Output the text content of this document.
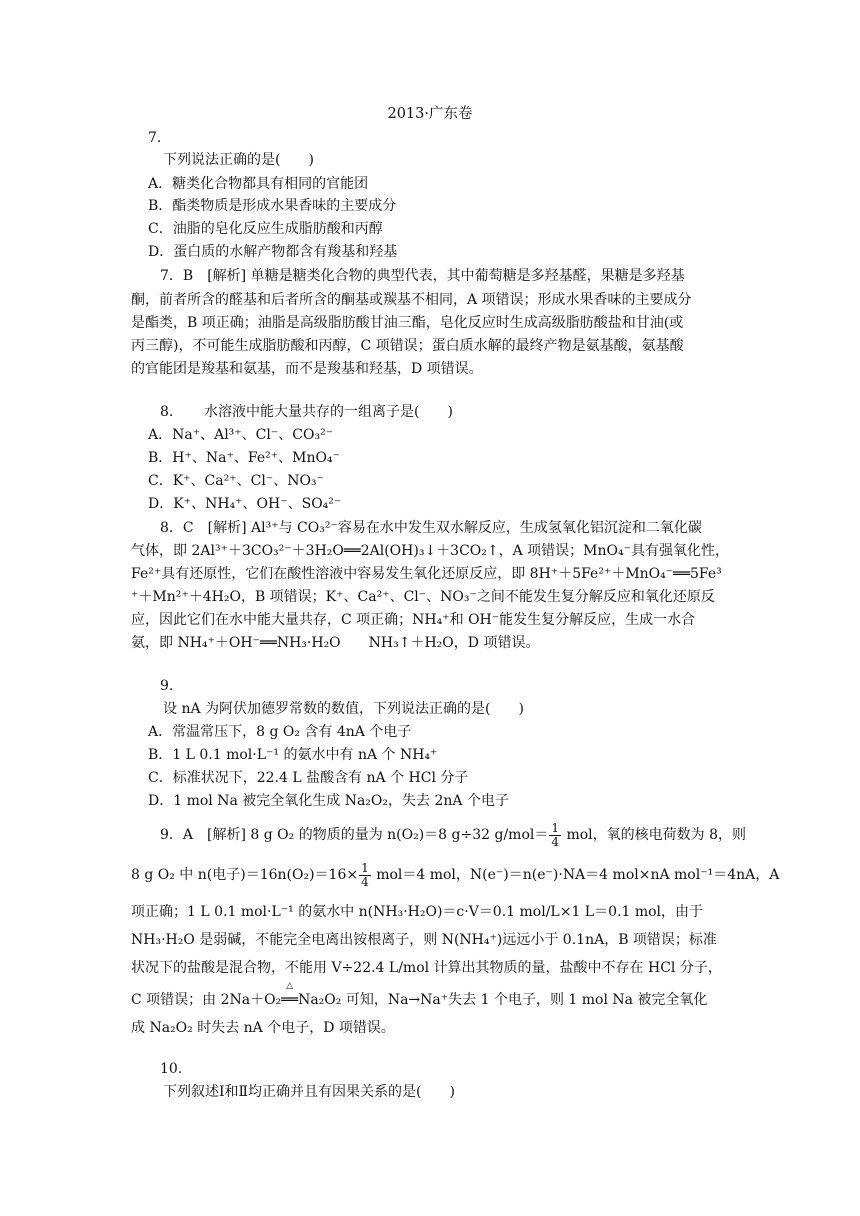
2013·广东卷
7.
下列说法正确的是(　　)
A．糖类化合物都具有相同的官能团
B．酯类物质是形成水果香味的主要成分
C．油脂的皂化反应生成脂肪酸和丙醇
D．蛋白质的水解产物都含有羧基和羟基
7．B　[解析] 单糖是糖类化合物的典型代表，其中葡萄糖是多羟基醛，果糖是多羟基
酮，前者所含的醛基和后者所含的酮基或羰基不相同，A 项错误；形成水果香味的主要成分
是酯类，B 项正确；油脂是高级脂肪酸甘油三酯，皂化反应时生成高级脂肪酸盐和甘油(或
丙三醇)，不可能生成脂肪酸和丙醇，C 项错误；蛋白质水解的最终产物是氨基酸，氨基酸
的官能团是羧基和氨基，而不是羧基和羟基，D 项错误。
8. 水溶液中能大量共存的一组离子是(　　)
A．Na⁺、Al³⁺、Cl⁻、CO₃²⁻
B．H⁺、Na⁺、Fe²⁺、MnO₄⁻
C．K⁺、Ca²⁺、Cl⁻、NO₃⁻
D．K⁺、NH₄⁺、OH⁻、SO₄²⁻
8．C　[解析] Al³⁺与 CO₃²⁻容易在水中发生双水解反应，生成氢氧化铝沉淀和二氧化碳
气体，即 2Al³⁺＋3CO₃²⁻＋3H₂O══2Al(OH)₃↓＋3CO₂↑，A 项错误；MnO₄⁻具有强氧化性，
Fe²⁺具有还原性，它们在酸性溶液中容易发生氧化还原反应，即 8H⁺＋5Fe²⁺＋MnO₄⁻══5Fe³
⁺＋Mn²⁺＋4H₂O，B 项错误；K⁺、Ca²⁺、Cl⁻、NO₃⁻之间不能发生复分解反应和氧化还原反
应，因此它们在水中能大量共存，C 项正确；NH₄⁺和 OH⁻能发生复分解反应，生成一水合
氨，即 NH₄⁺＋OH⁻══NH₃·H₂O　　NH₃↑＋H₂O，D 项错误。
9.
设 nA 为阿伏加德罗常数的数值，下列说法正确的是(　　)
A．常温常压下，8 g O₂ 含有 4nA 个电子
B．1 L 0.1 mol·L⁻¹ 的氨水中有 nA 个 NH₄⁺
C．标准状况下，22.4 L 盐酸含有 nA 个 HCl 分子
D．1 mol Na 被完全氧化生成 Na₂O₂，失去 2nA 个电子
9．A　[解析] 8 g O₂ 的物质的量为 n(O₂)＝8 g÷32 $g/mol= \frac{1}{4}$ mol，氧的核电荷数为 8，则
8 g O₂ 中 n(电子)$=16n(O_2)=16\times \frac{1}{4} mol=4$ mol，N(e⁻)＝n(e⁻)·NA＝4 mol×nA mol⁻¹＝4nA，A
项正确；1 L 0.1 mol·L⁻¹ 的氨水中 n(NH₃·H₂O)＝c·V＝0.1 mol/L×1 L＝0.1 mol，由于
NH₃·H₂O 是弱碱，不能完全电离出铵根离子，则 N(NH₄⁺)远远小于 0.1nA，B 项错误；标准
状况下的盐酸是混合物，不能用 V÷22.4 L/mol 计算出其物质的量，盐酸中不存在 HCl 分子，
C 项错误；由 2Na＋O₂△ ══Na₂O₂ 可知，Na→Na⁺失去 1 个电子，则 1 mol Na 被完全氧化
成 Na₂O₂ 时失去 nA 个电子，D 项错误。
10.
下列叙述Ⅰ和Ⅱ均正确并且有因果关系的是(　　)
